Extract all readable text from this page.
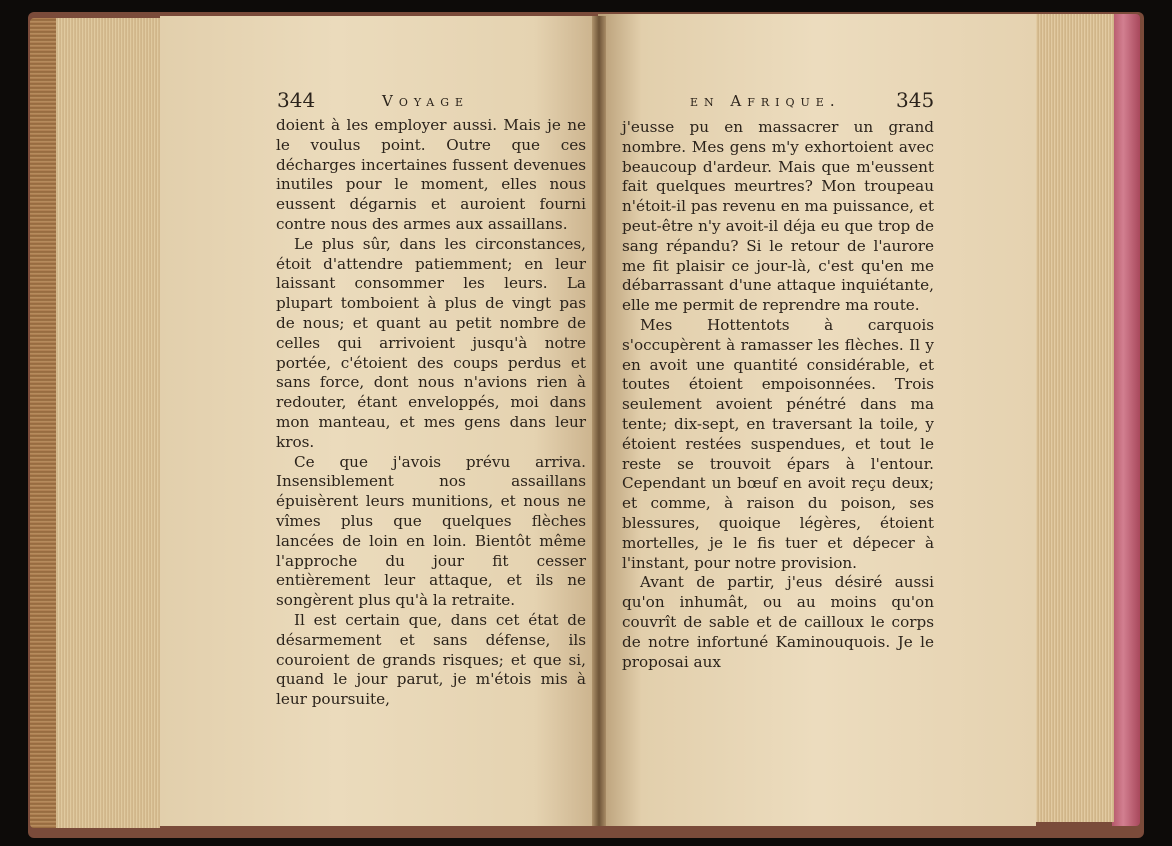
344	Voyage	en Afrique.	345

doient à les employer aussi. Mais je ne le voulus point. Outre que ces décharges incertaines fussent devenues inutiles pour le moment, elles nous eussent dégarnis et auroient fourni contre nous des armes aux assaillans.

Le plus sûr, dans les circonstances, étoit d'attendre patiemment; en leur laissant consommer les leurs. La plupart tomboient à plus de vingt pas de nous; et quant au petit nombre de celles qui arrivoient jusqu'à notre portée, c'étoient des coups perdus et sans force, dont nous n'avions rien à redouter, étant enveloppés, moi dans mon manteau, et mes gens dans leur kros.

Ce que j'avois prévu arriva. Insensiblement nos assaillans épuisèrent leurs munitions, et nous ne vîmes plus que quelques flèches lancées de loin en loin. Bientôt même l'approche du jour fit cesser entièrement leur attaque, et ils ne songèrent plus qu'à la retraite.

Il est certain que, dans cet état de désarmement et sans défense, ils couroient de grands risques; et que si, quand le jour parut, je m'étois mis à leur poursuite,

j'eusse pu en massacrer un grand nombre. Mes gens m'y exhortoient avec beaucoup d'ardeur. Mais que m'eussent fait quelques meurtres? Mon troupeau n'étoit-il pas revenu en ma puissance, et peut-être n'y avoit-il déja eu que trop de sang répandu? Si le retour de l'aurore me fit plaisir ce jour-là, c'est qu'en me débarrassant d'une attaque inquiétante, elle me permit de reprendre ma route.

Mes Hottentots à carquois s'occupèrent à ramasser les flèches. Il y en avoit une quantité considérable, et toutes étoient empoisonnées. Trois seulement avoient pénétré dans ma tente; dix-sept, en traversant la toile, y étoient restées suspendues, et tout le reste se trouvoit épars à l'entour. Cependant un bœuf en avoit reçu deux; et comme, à raison du poison, ses blessures, quoique légères, étoient mortelles, je le fis tuer et dépecer à l'instant, pour notre provision.

Avant de partir, j'eus désiré aussi qu'on inhumât, ou au moins qu'on couvrît de sable et de cailloux le corps de notre infortuné Kaminouquois. Je le proposai aux
